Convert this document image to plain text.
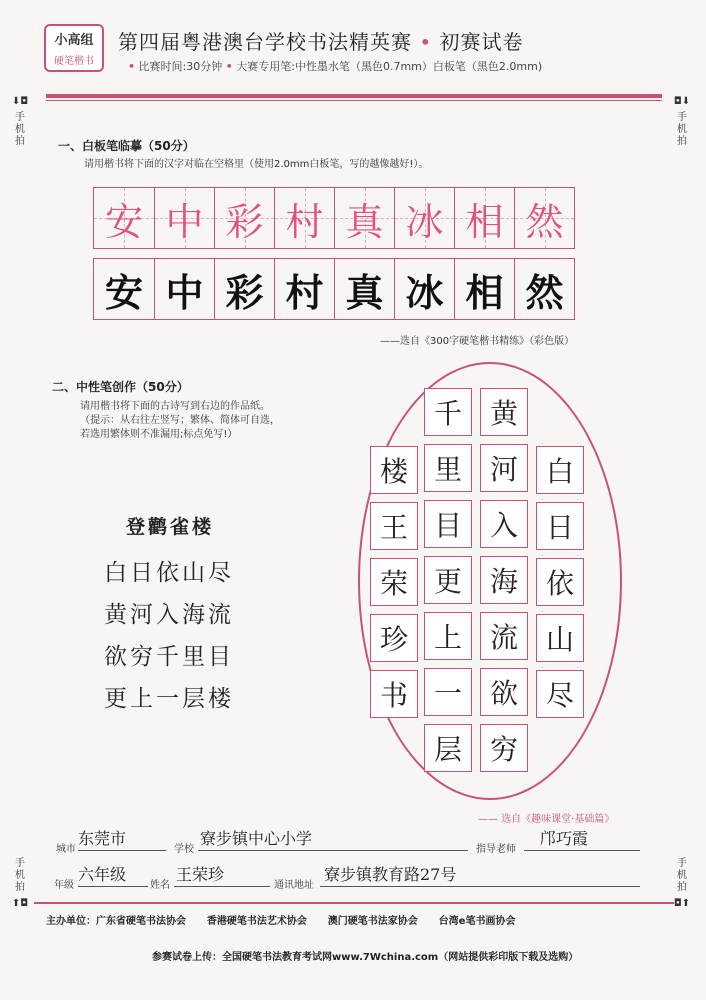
小高组
硬笔楷书
第四届粤港澳台学校书法精英赛 • 初赛试卷
• 比赛时间:30分钟 • 大赛专用笔:中性墨水笔（黑色0.7mm）白板笔（黑色2.0mm)
⬇◘
手机拍
◘⬇
手机拍
手机拍
⬆◘
手机拍
◘⬆
一、白板笔临摹（50分）
请用楷书将下面的汉字对临在空格里（使用2.0mm白板笔，写的越像越好!）。
安 中 彩 村 真 冰 相 然
安 中 彩 村 真 冰 相 然
——选自《300字硬笔楷书精练》（彩色版）
二、中性笔创作（50分）
请用楷书将下面的古诗写到右边的作品纸。
（提示：从右往左竖写；繁体、简体可自选，
若选用繁体则不准漏用;标点免写!）
登鹳雀楼
白日依山尽
黄河入海流
欲穷千里目
更上一层楼
白
日
依
山
尽
黄
河
入
海
流
欲
穷
千
里
目
更
上
一
层
楼
王
荣
珍
书
—— 选自《趣味课堂·基础篇》
城市
东莞市
学校
寮步镇中心小学
指导老师
邝巧霞
年级
六年级
姓名
王荣珍
通讯地址
寮步镇教育路27号
主办单位：广东省硬笔书法协会      香港硬笔书法艺术协会      澳门硬笔书法家协会      台湾e笔书画协会
参赛试卷上传：全国硬笔书法教育考试网www.7Wchina.com（网站提供彩印版下载及选购）
